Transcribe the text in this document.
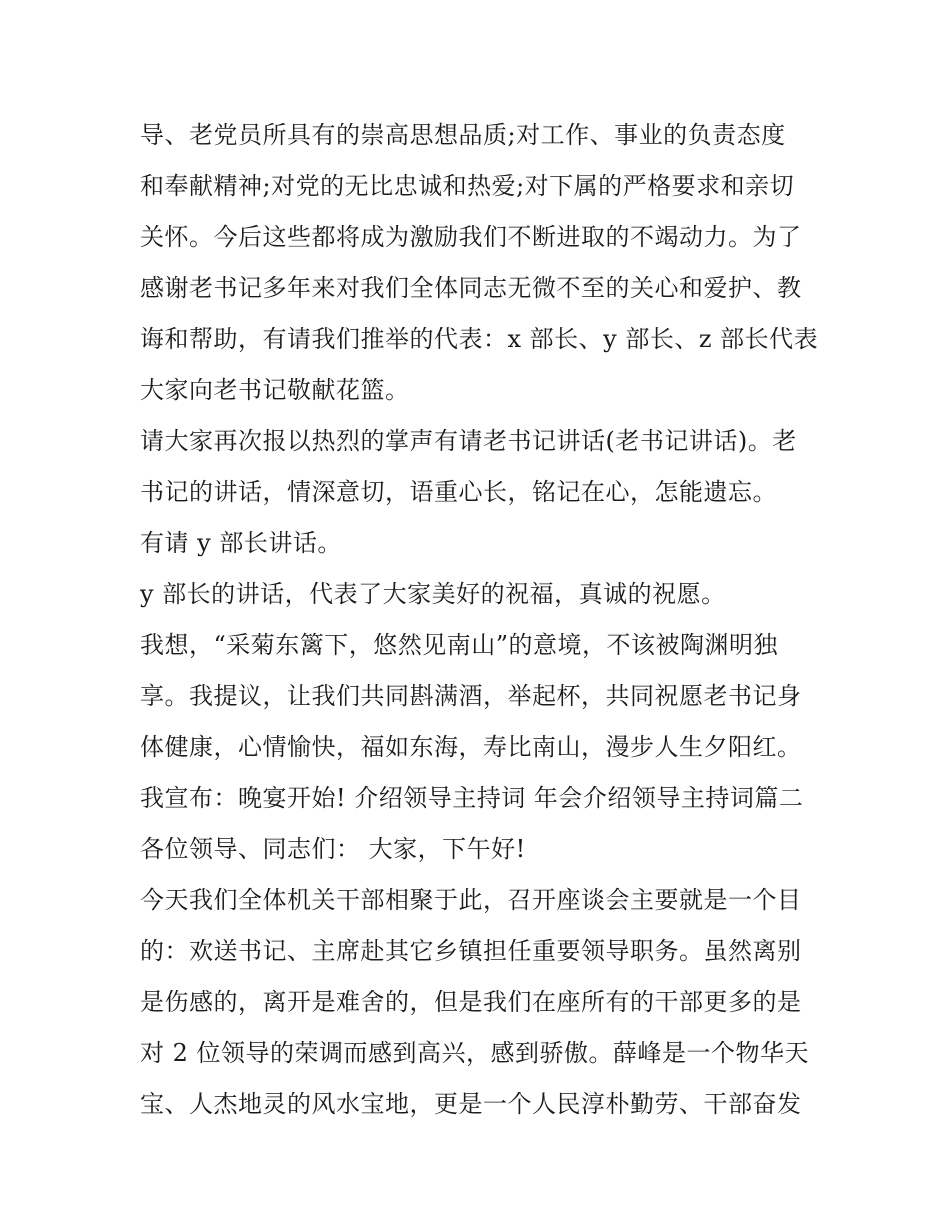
导、老党员所具有的崇高思想品质;对工作、事业的负责态度
和奉献精神;对党的无比忠诚和热爱;对下属的严格要求和亲切
关怀。今后这些都将成为激励我们不断进取的不竭动力。为了
感谢老书记多年来对我们全体同志无微不至的关心和爱护、教
诲和帮助，有请我们推举的代表：x 部长、y 部长、z 部长代表
大家向老书记敬献花篮。
请大家再次报以热烈的掌声有请老书记讲话(老书记讲话)。老
书记的讲话，情深意切，语重心长，铭记在心，怎能遗忘。
有请 y 部长讲话。
y 部长的讲话，代表了大家美好的祝福，真诚的祝愿。
我想，“采菊东篱下，悠然见南山”的意境，不该被陶渊明独
享。我提议，让我们共同斟满酒，举起杯，共同祝愿老书记身
体健康，心情愉快，福如东海，寿比南山，漫步人生夕阳红。
我宣布：晚宴开始! 介绍领导主持词 年会介绍领导主持词篇二
各位领导、同志们： 大家，下午好!
今天我们全体机关干部相聚于此，召开座谈会主要就是一个目
的：欢送书记、主席赴其它乡镇担任重要领导职务。虽然离别
是伤感的，离开是难舍的，但是我们在座所有的干部更多的是
对 2 位领导的荣调而感到高兴，感到骄傲。薛峰是一个物华天
宝、人杰地灵的风水宝地，更是一个人民淳朴勤劳、干部奋发
